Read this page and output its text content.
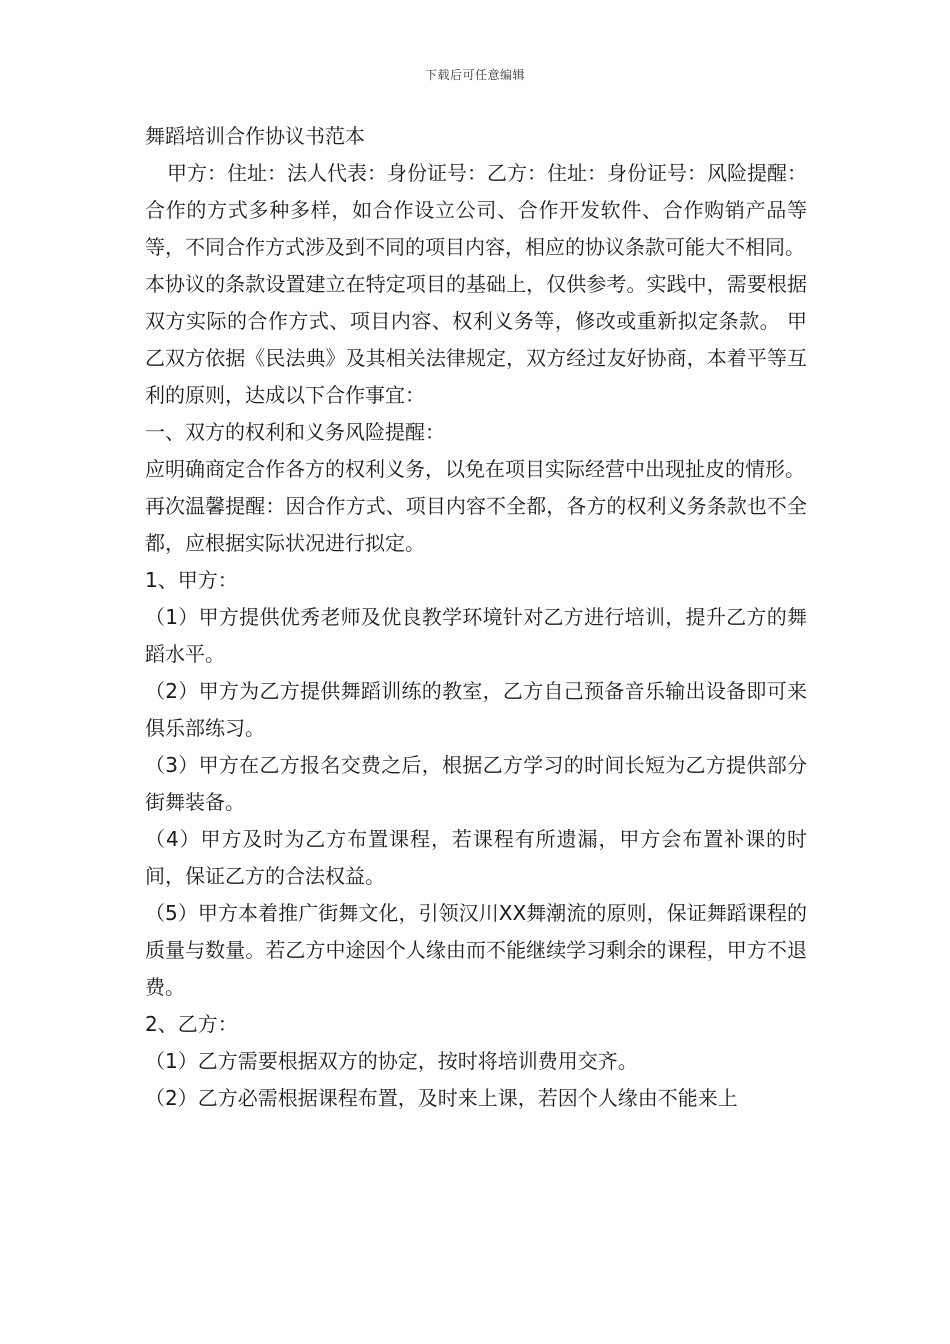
下载后可任意编辑
舞蹈培训合作协议书范本

甲方：住址：法人代表：身份证号：乙方：住址：身份证号：风险提醒：

合作的方式多种多样，如合作设立公司、合作开发软件、合作购销产品等等，不同合作方式涉及到不同的项目内容，相应的协议条款可能大不相同。

本协议的条款设置建立在特定项目的基础上，仅供参考。实践中，需要根据双方实际的合作方式、项目内容、权利义务等，修改或重新拟定条款。 甲乙双方依据《民法典》及其相关法律规定，双方经过友好协商，本着平等互利的原则，达成以下合作事宜：

一、双方的权利和义务风险提醒：

应明确商定合作各方的权利义务，以免在项目实际经营中出现扯皮的情形。

再次温馨提醒：因合作方式、项目内容不全都，各方的权利义务条款也不全都，应根据实际状况进行拟定。

1、甲方：

（1）甲方提供优秀老师及优良教学环境针对乙方进行培训，提升乙方的舞蹈水平。

（2）甲方为乙方提供舞蹈训练的教室，乙方自己预备音乐输出设备即可来俱乐部练习。

（3）甲方在乙方报名交费之后，根据乙方学习的时间长短为乙方提供部分街舞装备。

（4）甲方及时为乙方布置课程，若课程有所遗漏，甲方会布置补课的时间，保证乙方的合法权益。

（5）甲方本着推广街舞文化，引领汉川XX舞潮流的原则，保证舞蹈课程的质量与数量。若乙方中途因个人缘由而不能继续学习剩余的课程，甲方不退费。

2、乙方：

（1）乙方需要根据双方的协定，按时将培训费用交齐。

（2）乙方必需根据课程布置，及时来上课，若因个人缘由不能来上
